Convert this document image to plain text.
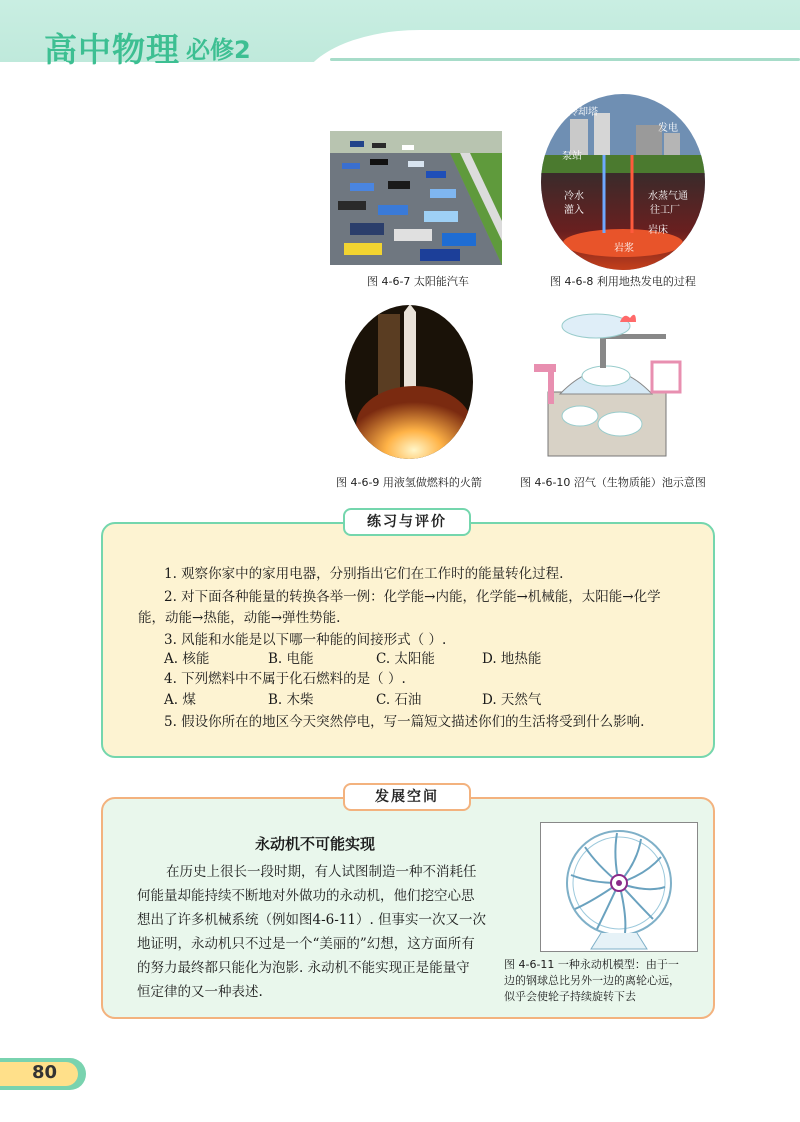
高中物理 必修2
图 4-6-7 太阳能汽车
冷却塔
发电
泵站
冷水
灌入
水蒸气通
往工厂
岩床
岩浆
图 4-6-8 利用地热发电的过程
图 4-6-9 用液氢做燃料的火箭	图 4-6-10 沼气（生物质能）池示意图
练习与评价
1. 观察你家中的家用电器，分别指出它们在工作时的能量转化过程.
2. 对下面各种能量的转换各举一例：化学能→内能，化学能→机械能，太阳能→化学
能，动能→热能，动能→弹性势能.
3. 风能和水能是以下哪一种能的间接形式（ ）.
A. 核能	B. 电能	C. 太阳能	D. 地热能
4. 下列燃料中不属于化石燃料的是（ ）.
A. 煤	B. 木柴	C. 石油	D. 天然气
5. 假设你所在的地区今天突然停电，写一篇短文描述你们的生活将受到什么影响.
发展空间
永动机不可能实现
在历史上很长一段时期，有人试图制造一种不消耗任
何能量却能持续不断地对外做功的永动机，他们挖空心思
想出了许多机械系统（例如图4-6-11）. 但事实一次又一次
地证明，永动机只不过是一个“美丽的”幻想，这方面所有
的努力最终都只能化为泡影. 永动机不能实现正是能量守
恒定律的又一种表述.
图 4-6-11 一种永动机模型：由于一
边的钢球总比另外一边的离轮心远，
似乎会使轮子持续旋转下去
80
